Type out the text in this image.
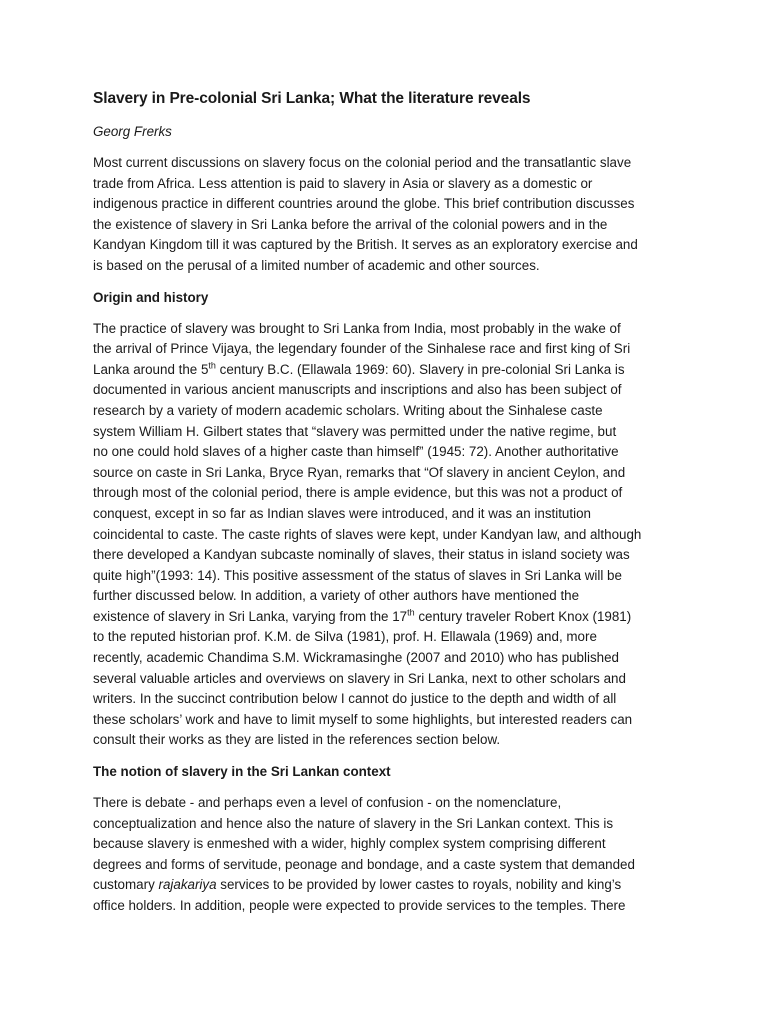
Slavery in Pre-colonial Sri Lanka; What the literature reveals

Georg Frerks

Most current discussions on slavery focus on the colonial period and the transatlantic slave
trade from Africa. Less attention is paid to slavery in Asia or slavery as a domestic or
indigenous practice in different countries around the globe. This brief contribution discusses
the existence of slavery in Sri Lanka before the arrival of the colonial powers and in the
Kandyan Kingdom till it was captured by the British. It serves as an exploratory exercise and
is based on the perusal of a limited number of academic and other sources.

Origin and history

The practice of slavery was brought to Sri Lanka from India, most probably in the wake of
the arrival of Prince Vijaya, the legendary founder of the Sinhalese race and first king of Sri
Lanka around the 5th century B.C. (Ellawala 1969: 60). Slavery in pre-colonial Sri Lanka is
documented in various ancient manuscripts and inscriptions and also has been subject of
research by a variety of modern academic scholars. Writing about the Sinhalese caste
system William H. Gilbert states that “slavery was permitted under the native regime, but
no one could hold slaves of a higher caste than himself” (1945: 72). Another authoritative
source on caste in Sri Lanka, Bryce Ryan, remarks that “Of slavery in ancient Ceylon, and
through most of the colonial period, there is ample evidence, but this was not a product of
conquest, except in so far as Indian slaves were introduced, and it was an institution
coincidental to caste. The caste rights of slaves were kept, under Kandyan law, and although
there developed a Kandyan subcaste nominally of slaves, their status in island society was
quite high”(1993: 14). This positive assessment of the status of slaves in Sri Lanka will be
further discussed below. In addition, a variety of other authors have mentioned the
existence of slavery in Sri Lanka, varying from the 17th century traveler Robert Knox (1981)
to the reputed historian prof. K.M. de Silva (1981), prof. H. Ellawala (1969) and, more
recently, academic Chandima S.M. Wickramasinghe (2007 and 2010) who has published
several valuable articles and overviews on slavery in Sri Lanka, next to other scholars and
writers. In the succinct contribution below I cannot do justice to the depth and width of all
these scholars’ work and have to limit myself to some highlights, but interested readers can
consult their works as they are listed in the references section below.

The notion of slavery in the Sri Lankan context

There is debate - and perhaps even a level of confusion - on the nomenclature,
conceptualization and hence also the nature of slavery in the Sri Lankan context. This is
because slavery is enmeshed with a wider, highly complex system comprising different
degrees and forms of servitude, peonage and bondage, and a caste system that demanded
customary rajakariya services to be provided by lower castes to royals, nobility and king’s
office holders. In addition, people were expected to provide services to the temples. There
